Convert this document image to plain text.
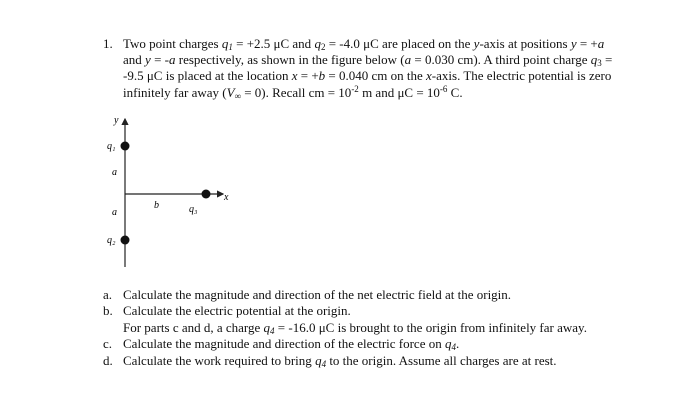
1. Two point charges $q_1 = +2.5$ μC and $q_2 = -4.0$ μC are placed on the y-axis at positions y = +a and y = -a respectively, as shown in the figure below (a = 0.030 cm). A third point charge $q_3 = -9.5$ μC is placed at the location x = +b = 0.040 cm on the x-axis. The electric potential is zero infinitely far away $(V_\infty = 0)$. Recall cm = $10^{-2}$ m and $\mu C = 10^{-6}$ C.
y
x
q₁
a
b	q₃
a
q₂
a. Calculate the magnitude and direction of the net electric field at the origin.
b. Calculate the electric potential at the origin.
For parts c and d, a charge $q_4 = -16.0$ μC is brought to the origin from infinitely far away.
c. Calculate the magnitude and direction of the electric force on $q_4$.
d. Calculate the work required to bring $q_4$ to the origin. Assume all charges are at rest.
